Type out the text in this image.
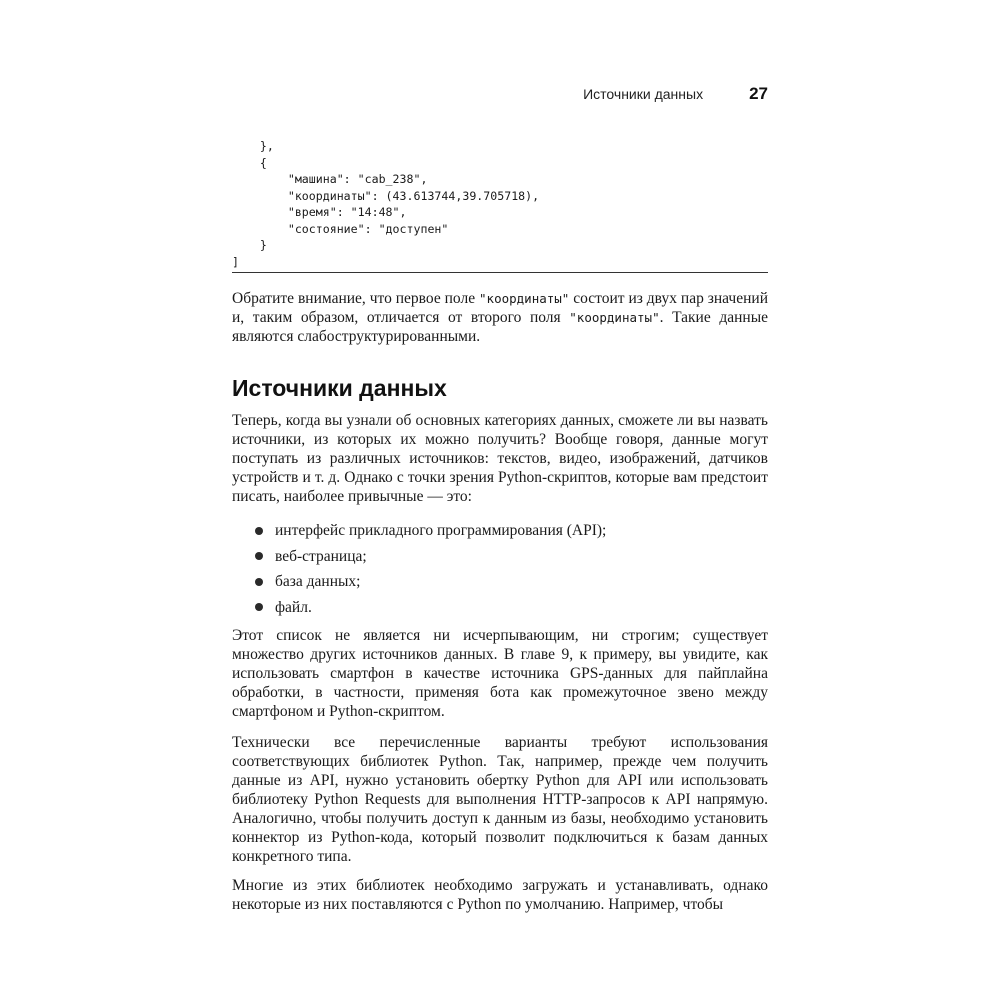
Источники данных	27
},
{
"машина": "cab_238",
"координаты": (43.613744,39.705718),
"время": "14:48",
"состояние": "доступен"
}
]

Обратите внимание, что первое поле "координаты" состоит из двух пар значений и, таким образом, отличается от второго поля "координаты". Такие данные являются слабоструктурированными.

Источники данных

Теперь, когда вы узнали об основных категориях данных, сможете ли вы назвать источники, из которых их можно получить? Вообще говоря, данные могут поступать из различных источников: текстов, видео, изображений, датчиков устройств и т. д. Однако с точки зрения Python-скриптов, которые вам предстоит писать, наиболее привычные — это:

интерфейс прикладного программирования (API);
веб-страница;
база данных;
файл.

Этот список не является ни исчерпывающим, ни строгим; существует множество других источников данных. В главе 9, к примеру, вы увидите, как использовать смартфон в качестве источника GPS-данных для пайплайна обработки, в частности, применяя бота как промежуточное звено между смартфоном и Python-скриптом.

Технически все перечисленные варианты требуют использования соответствующих библиотек Python. Так, например, прежде чем получить данные из API, нужно установить обертку Python для API или использовать библиотеку Python Requests для выполнения HTTP-запросов к API напрямую. Аналогично, чтобы получить доступ к данным из базы, необходимо установить коннектор из Python-кода, который позволит подключиться к базам данных конкретного типа.

Многие из этих библиотек необходимо загружать и устанавливать, однако некоторые из них поставляются с Python по умолчанию. Например, чтобы
